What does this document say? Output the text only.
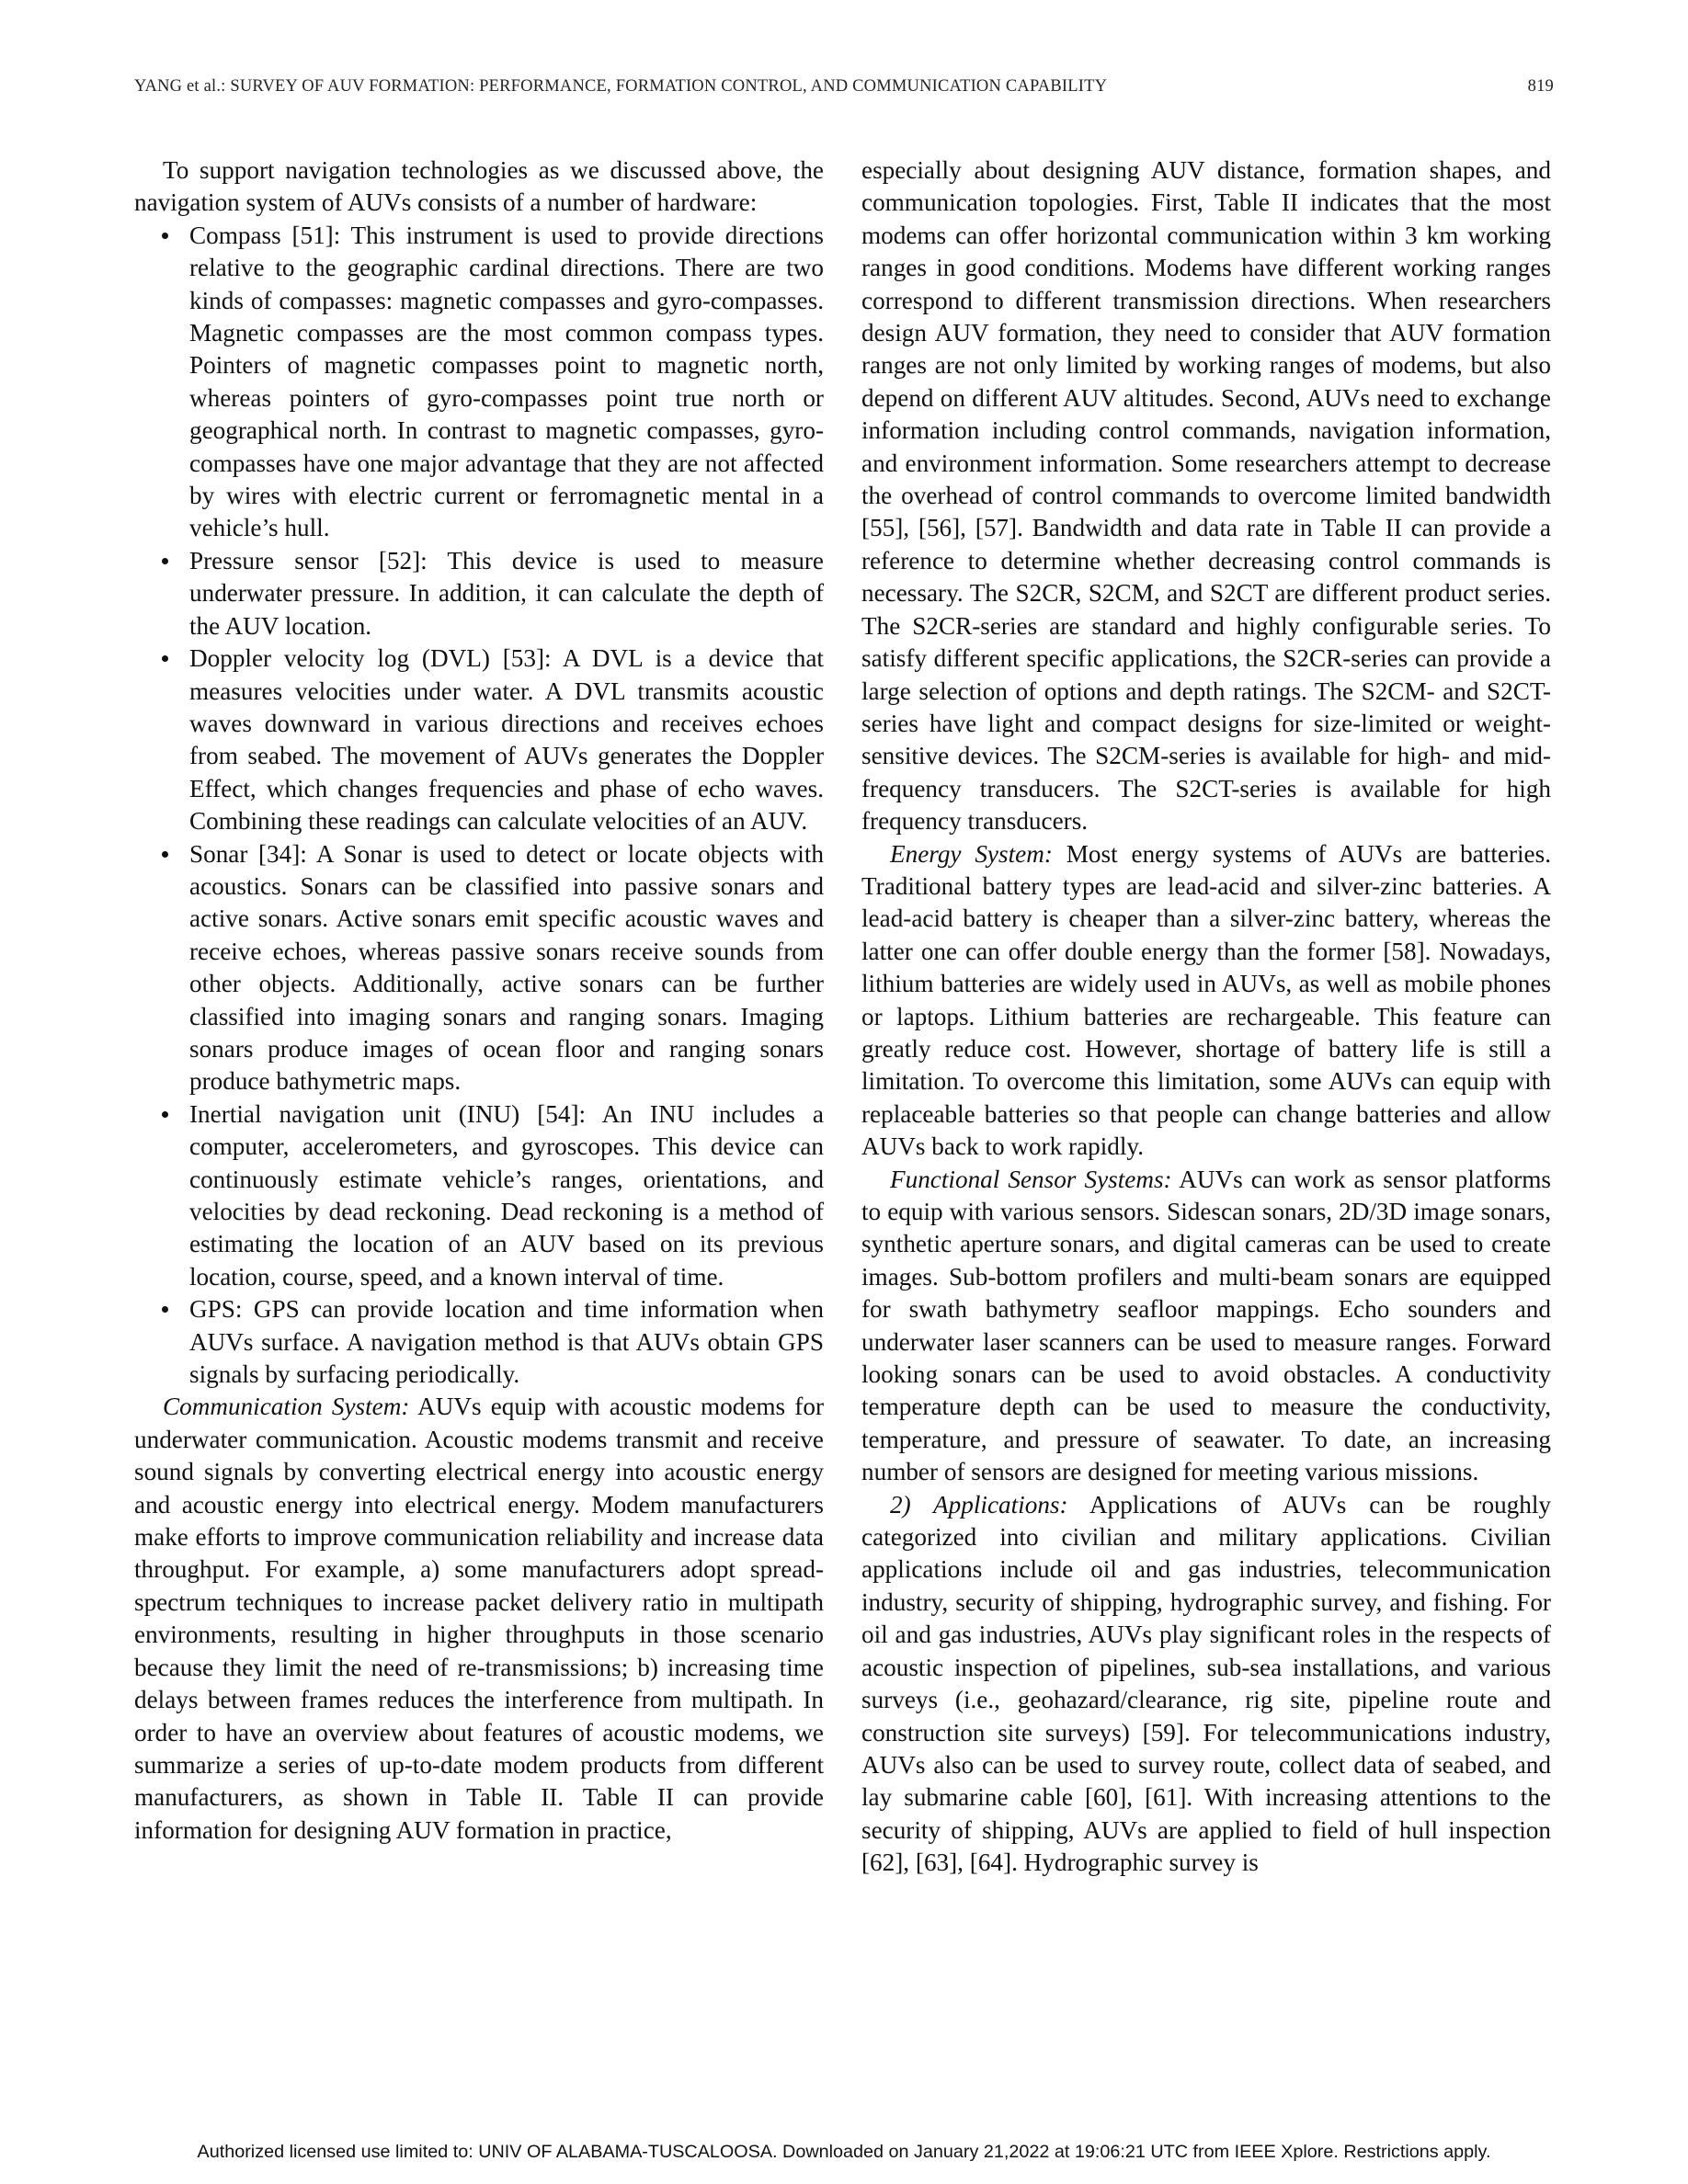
YANG et al.: SURVEY OF AUV FORMATION: PERFORMANCE, FORMATION CONTROL, AND COMMUNICATION CAPABILITY	819

To support navigation technologies as we discussed above, the navigation system of AUVs consists of a number of hardware:

Compass [51]: This instrument is used to provide directions relative to the geographic cardinal directions. There are two kinds of compasses: magnetic compasses and gyro-compasses. Magnetic compasses are the most common compass types. Pointers of magnetic compasses point to magnetic north, whereas pointers of gyro-compasses point true north or geographical north. In contrast to magnetic compasses, gyro-compasses have one major advantage that they are not affected by wires with electric current or ferromagnetic mental in a vehicle’s hull.
Pressure sensor [52]: This device is used to measure underwater pressure. In addition, it can calculate the depth of the AUV location.
Doppler velocity log (DVL) [53]: A DVL is a device that measures velocities under water. A DVL transmits acoustic waves downward in various directions and receives echoes from seabed. The movement of AUVs generates the Doppler Effect, which changes frequencies and phase of echo waves. Combining these readings can calculate velocities of an AUV.
Sonar [34]: A Sonar is used to detect or locate objects with acoustics. Sonars can be classified into passive sonars and active sonars. Active sonars emit specific acoustic waves and receive echoes, whereas passive sonars receive sounds from other objects. Additionally, active sonars can be further classified into imaging sonars and ranging sonars. Imaging sonars produce images of ocean floor and ranging sonars produce bathymetric maps.
Inertial navigation unit (INU) [54]: An INU includes a computer, accelerometers, and gyroscopes. This device can continuously estimate vehicle’s ranges, orientations, and velocities by dead reckoning. Dead reckoning is a method of estimating the location of an AUV based on its previous location, course, speed, and a known interval of time.
GPS: GPS can provide location and time information when AUVs surface. A navigation method is that AUVs obtain GPS signals by surfacing periodically.

Communication System: AUVs equip with acoustic modems for underwater communication. Acoustic modems transmit and receive sound signals by converting electrical energy into acoustic energy and acoustic energy into electrical energy. Modem manufacturers make efforts to improve communication reliability and increase data throughput. For example, a) some manufacturers adopt spread-spectrum techniques to increase packet delivery ratio in multipath environments, resulting in higher throughputs in those scenario because they limit the need of re-transmissions; b) increasing time delays between frames reduces the interference from multipath. In order to have an overview about features of acoustic modems, we summarize a series of up-to-date modem products from different manufacturers, as shown in Table II. Table II can provide information for designing AUV formation in practice,

especially about designing AUV distance, formation shapes, and communication topologies. First, Table II indicates that the most modems can offer horizontal communication within 3 km working ranges in good conditions. Modems have different working ranges correspond to different transmission directions. When researchers design AUV formation, they need to consider that AUV formation ranges are not only limited by working ranges of modems, but also depend on different AUV altitudes. Second, AUVs need to exchange information including control commands, navigation information, and environment information. Some researchers attempt to decrease the overhead of control commands to overcome limited bandwidth [55], [56], [57]. Bandwidth and data rate in Table II can provide a reference to determine whether decreasing control commands is necessary. The S2CR, S2CM, and S2CT are different product series. The S2CR-series are standard and highly configurable series. To satisfy different specific applications, the S2CR-series can provide a large selection of options and depth ratings. The S2CM- and S2CT-series have light and compact designs for size-limited or weight-sensitive devices. The S2CM-series is available for high- and mid- frequency transducers. The S2CT-series is available for high frequency transducers.

Energy System: Most energy systems of AUVs are batteries. Traditional battery types are lead-acid and silver-zinc batteries. A lead-acid battery is cheaper than a silver-zinc battery, whereas the latter one can offer double energy than the former [58]. Nowadays, lithium batteries are widely used in AUVs, as well as mobile phones or laptops. Lithium batteries are rechargeable. This feature can greatly reduce cost. However, shortage of battery life is still a limitation. To overcome this limitation, some AUVs can equip with replaceable batteries so that people can change batteries and allow AUVs back to work rapidly.

Functional Sensor Systems: AUVs can work as sensor platforms to equip with various sensors. Sidescan sonars, 2D/3D image sonars, synthetic aperture sonars, and digital cameras can be used to create images. Sub-bottom profilers and multi-beam sonars are equipped for swath bathymetry seafloor mappings. Echo sounders and underwater laser scanners can be used to measure ranges. Forward looking sonars can be used to avoid obstacles. A conductivity temperature depth can be used to measure the conductivity, temperature, and pressure of seawater. To date, an increasing number of sensors are designed for meeting various missions.

2) Applications: Applications of AUVs can be roughly categorized into civilian and military applications. Civilian applications include oil and gas industries, telecommunication industry, security of shipping, hydrographic survey, and fishing. For oil and gas industries, AUVs play significant roles in the respects of acoustic inspection of pipelines, sub-sea installations, and various surveys (i.e., geohazard/clearance, rig site, pipeline route and construction site surveys) [59]. For telecommunications industry, AUVs also can be used to survey route, collect data of seabed, and lay submarine cable [60], [61]. With increasing attentions to the security of shipping, AUVs are applied to field of hull inspection [62], [63], [64]. Hydrographic survey is

Authorized licensed use limited to: UNIV OF ALABAMA-TUSCALOOSA. Downloaded on January 21,2022 at 19:06:21 UTC from IEEE Xplore. Restrictions apply.
